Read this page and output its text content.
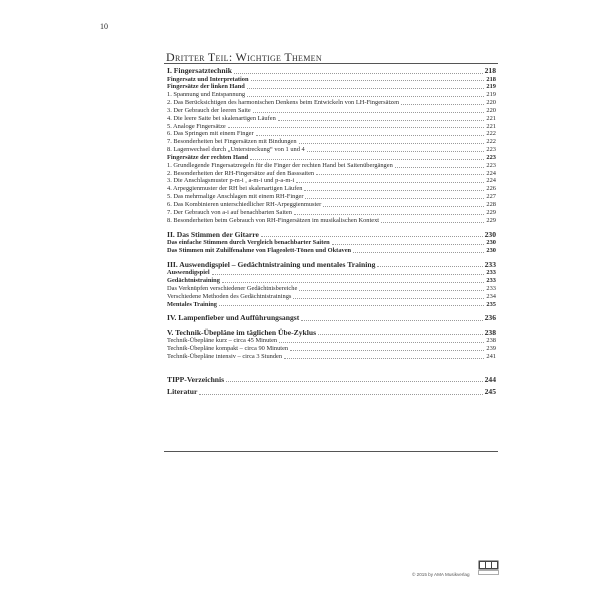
10
Dritter Teil: Wichtige Themen
I. Fingersatztechnik	218
Fingersatz und Interpretation	218
Fingersätze der linken Hand	219
1. Spannung und Entspannung	219
2. Das Berücksichtigen des harmonischen Denkens beim Entwickeln von LH-Fingersätzen	220
3. Der Gebrauch der leeren Saite	220
4. Die leere Saite bei skalenartigen Läufen	221
5. Analoge Fingersätze	221
6. Das Springen mit einem Finger	222
7. Besonderheiten bei Fingersätzen mit Bindungen	222
8. Lagenwechsel durch „Unterstreckung“ von 1 und 4	223
Fingersätze der rechten Hand	223
1. Grundlegende Fingersatzregeln für die Finger der rechten Hand bei Saitenübergängen	223
2. Besonderheiten der RH-Fingersätze auf den Basssaiten	224
3. Die Anschlagsmuster p-m-i , a-m-i und p-a-m-i	224
4. Arpeggienmuster der RH bei skalenartigen Läufen	226
5. Das mehrmalige Anschlagen mit einem RH-Finger	227
6. Das Kombinieren unterschiedlicher RH-Arpeggienmuster	228
7. Der Gebrauch von a-i auf benachbarten Saiten	229
8. Besonderheiten beim Gebrauch von RH-Fingersätzen im musikalischen Kontext	229
II. Das Stimmen der Gitarre	230
Das einfache Stimmen durch Vergleich benachbarter Saiten	230
Das Stimmen mit Zuhilfenahme von Flageolett-Tönen und Oktaven	230
III. Auswendigspiel – Gedächtnistraining und mentales Training	233
Auswendigspiel	233
Gedächtnistraining	233
Das Verknüpfen verschiedener Gedächtnisbereiche	233
Verschiedene Methoden des Gedächtnistrainings	234
Mentales Training	235
IV. Lampenfieber und Aufführungsangst	236
V. Technik-Übepläne im täglichen Übe-Zyklus	238
Technik-Übepläne kurz – circa 45 Minuten	238
Technik-Übepläne kompakt – circa 90 Minuten	239
Technik-Übepläne intensiv – circa 3 Stunden	241
TIPP-Verzeichnis	244
Literatur	245
© 2015 by AMA Musikverlag
